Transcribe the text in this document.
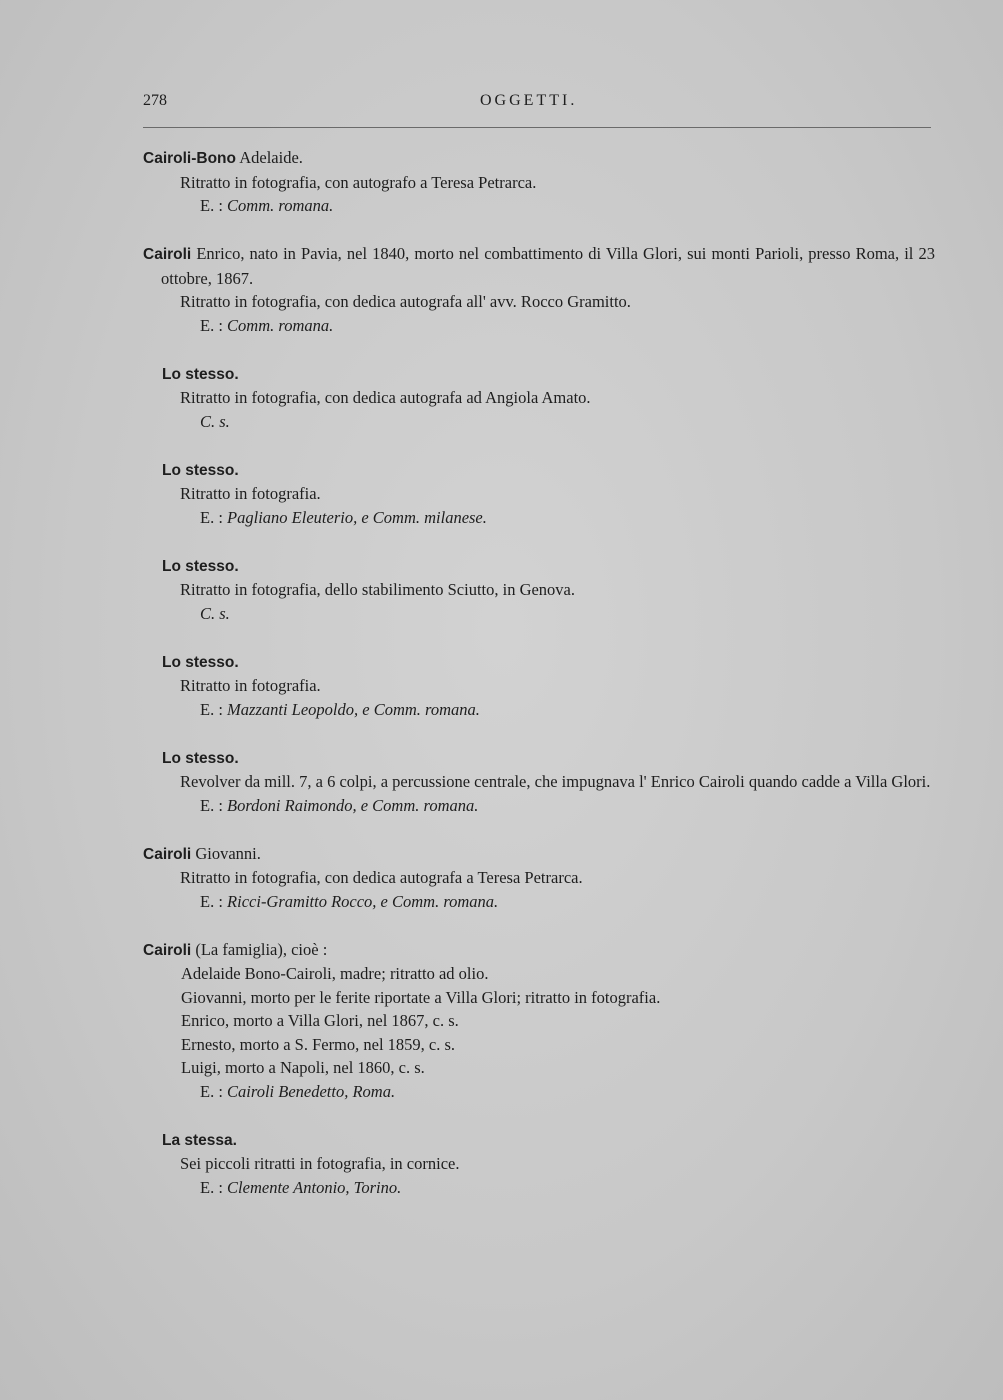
278	OGGETTI.
Cairoli-Bono Adelaide.
Ritratto in fotografia, con autografo a Teresa Petrarca.
E. : Comm. romana.
Cairoli Enrico, nato in Pavia, nel 1840, morto nel combattimento di Villa Glori, sui monti Parioli, presso Roma, il 23 ottobre, 1867.
Ritratto in fotografia, con dedica autografa all' avv. Rocco Gramitto.
E. : Comm. romana.
Lo stesso.
Ritratto in fotografia, con dedica autografa ad Angiola Amato.
C. s.
Lo stesso.
Ritratto in fotografia.
E. : Pagliano Eleuterio, e Comm. milanese.
Lo stesso.
Ritratto in fotografia, dello stabilimento Sciutto, in Genova.
C. s.
Lo stesso.
Ritratto in fotografia.
E. : Mazzanti Leopoldo, e Comm. romana.
Lo stesso.
Revolver da mill. 7, a 6 colpi, a percussione centrale, che impugnava l' Enrico Cairoli quando cadde a Villa Glori.
E. : Bordoni Raimondo, e Comm. romana.
Cairoli Giovanni.
Ritratto in fotografia, con dedica autografa a Teresa Petrarca.
E. : Ricci-Gramitto Rocco, e Comm. romana.
Cairoli (La famiglia), cioè :
Adelaide Bono-Cairoli, madre; ritratto ad olio.
Giovanni, morto per le ferite riportate a Villa Glori; ritratto in fotografia.
Enrico, morto a Villa Glori, nel 1867, c. s.
Ernesto, morto a S. Fermo, nel 1859, c. s.
Luigi, morto a Napoli, nel 1860, c. s.
E. : Cairoli Benedetto, Roma.
La stessa.
Sei piccoli ritratti in fotografia, in cornice.
E. : Clemente Antonio, Torino.
